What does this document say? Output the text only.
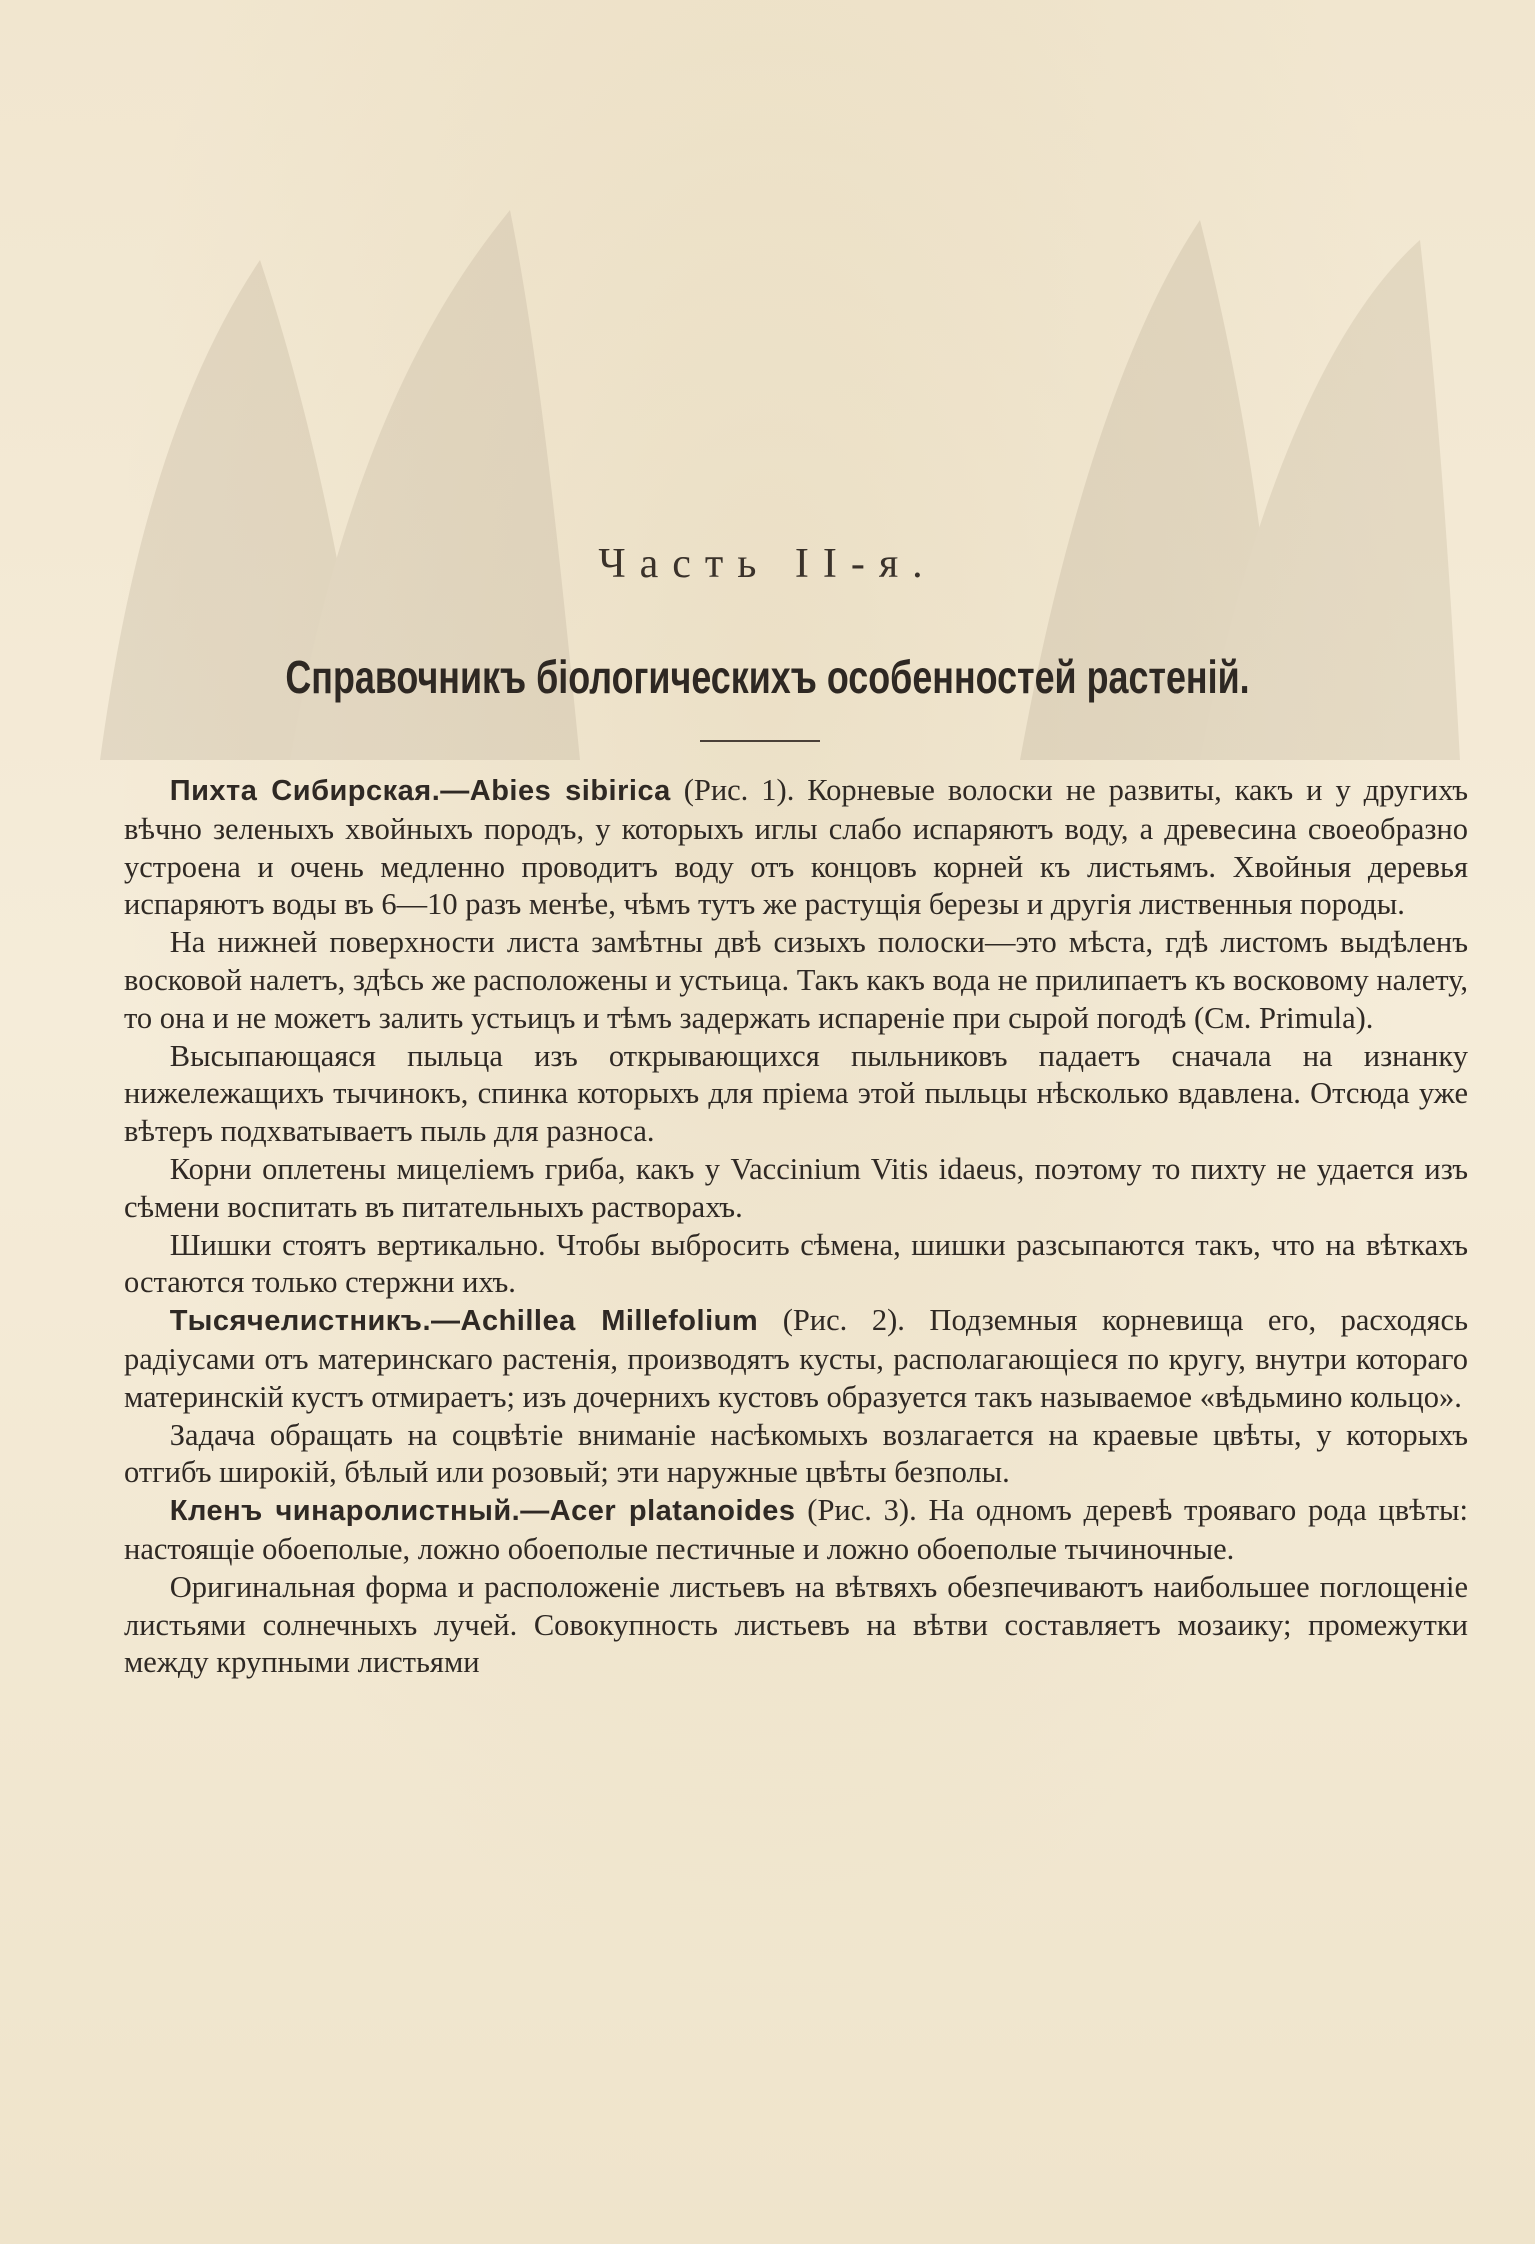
Часть II-я.
Справочникъ біологическихъ особенностей растеній.

  Пихта Сибирская.—Abies sibirica (Рис. 1). Корневые волоски не развиты, какъ и у другихъ вѣчно зеленыхъ хвойныхъ породъ, у которыхъ иглы слабо испаряютъ воду, а древесина своеобразно устроена и очень медленно проводитъ воду отъ концовъ корней къ листьямъ. Хвойныя деревья испаряютъ воды въ 6—10 разъ менѣе, чѣмъ тутъ же растущія березы и другія лиственныя породы.

  На нижней поверхности листа замѣтны двѣ сизыхъ полоски—это мѣста, гдѣ листомъ выдѣленъ восковой налетъ, здѣсь же расположены и устьица. Такъ какъ вода не прилипаетъ къ восковому налету, то она и не можетъ залить устьицъ и тѣмъ задержать испареніе при сырой погодѣ (См. Primula).

  Высыпающаяся пыльца изъ открывающихся пыльниковъ падаетъ сначала на изнанку нижележащихъ тычинокъ, спинка которыхъ для пріема этой пыльцы нѣсколько вдавлена. Отсюда уже вѣтеръ подхватываетъ пыль для разноса.

  Корни оплетены мицеліемъ гриба, какъ у Vaccinium Vitis idaeus, поэтому то пихту не удается изъ сѣмени воспитать въ питательныхъ растворахъ.

  Шишки стоятъ вертикально. Чтобы выбросить сѣмена, шишки разсыпаются такъ, что на вѣткахъ остаются только стержни ихъ.

  Тысячелистникъ.—Achillea Millefolium (Рис. 2). Подземныя корневища его, расходясь радіусами отъ материнскаго растенія, производятъ кусты, располагающіеся по кругу, внутри котораго материнскій кустъ отмираетъ; изъ дочернихъ кустовъ образуется такъ называемое «вѣдьмино кольцо».

  Задача обращать на соцвѣтіе вниманіе насѣкомыхъ возлагается на краевые цвѣты, у которыхъ отгибъ широкій, бѣлый или розовый; эти наружные цвѣты безполы.

  Кленъ чинаролистный.—Acer platanoides (Рис. 3). На одномъ деревѣ трояваго рода цвѣты: настоящіе обоеполые, ложно обоеполые пестичные и ложно обоеполые тычиночные.

  Оригинальная форма и расположеніе листьевъ на вѣтвяхъ обезпечиваютъ наибольшее поглощеніе листьями солнечныхъ лучей. Совокупность листьевъ на вѣтви составляетъ мозаику; промежутки между крупными листьями
